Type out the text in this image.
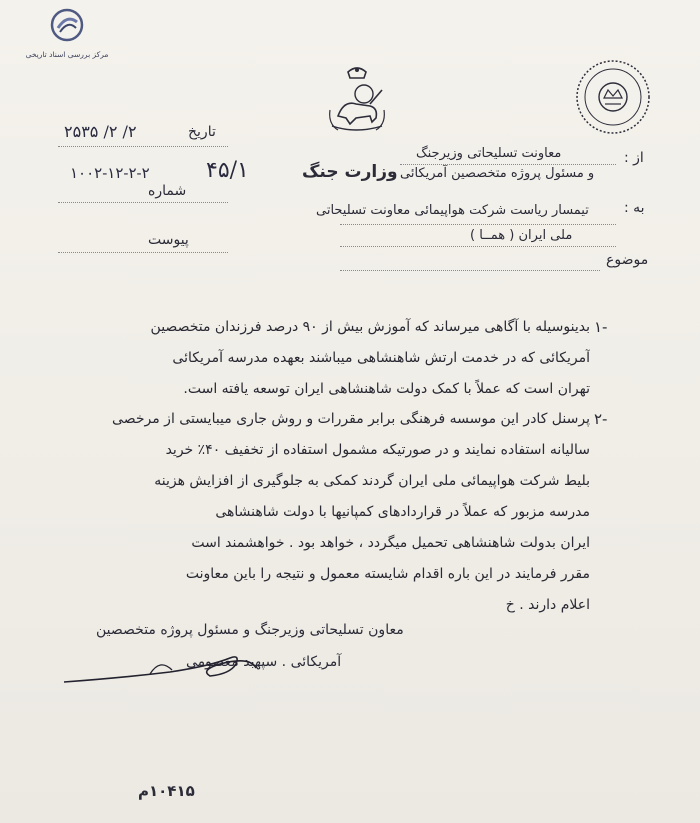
مرکز بررسی اسناد تاریخی
وزارت جنگ
تاریخ
۲/ ۲/ ۲۵۳۵
شماره
۱۰۰۲-۱۲-۲-۲	۴۵/۱
پیوست
از :
معاونت تسلیحاتی وزیرجنگ
و مسئول پروژه متخصصین آمریکائی
به :
تیمسار ریاست شرکت هواپیمائی معاونت تسلیحاتی
ملی ایران ( همــا )
موضوع
۱-
بدینوسیله با آگاهی میرساند که آموزش بیش از ۹۰ درصد فرزندان متخصصین
آمریکائی که در خدمت ارتش شاهنشاهی میباشند بعهده مدرسه آمریکائی
تهران است که عملاً با کمک دولت شاهنشاهی ایران توسعه یافته است.
۲-
پرسنل کادر این موسسه فرهنگی برابر مقررات و روش جاری میبایستی از مرخصی
سالیانه استفاده نمایند و در صورتیکه مشمول استفاده از تخفیف ۴۰٪ خرید
بلیط شرکت هواپیمائی ملی ایران گردند کمکی به جلوگیری از افزایش هزینه
مدرسه مزبور که عملاً در قراردادهای کمپانیها با دولت شاهنشاهی
ایران بدولت شاهنشاهی تحمیل میگردد ، خواهد بود . خواهشمند است
مقرر فرمایند در این باره اقدام شایسته معمول و نتیجه را باین معاونت
اعلام دارند . خ
معاون تسلیحاتی وزیرجنگ و مسئول پروژه متخصصین
آمریکائی . سپهبد معصومی
۱۰۴۱۵م
